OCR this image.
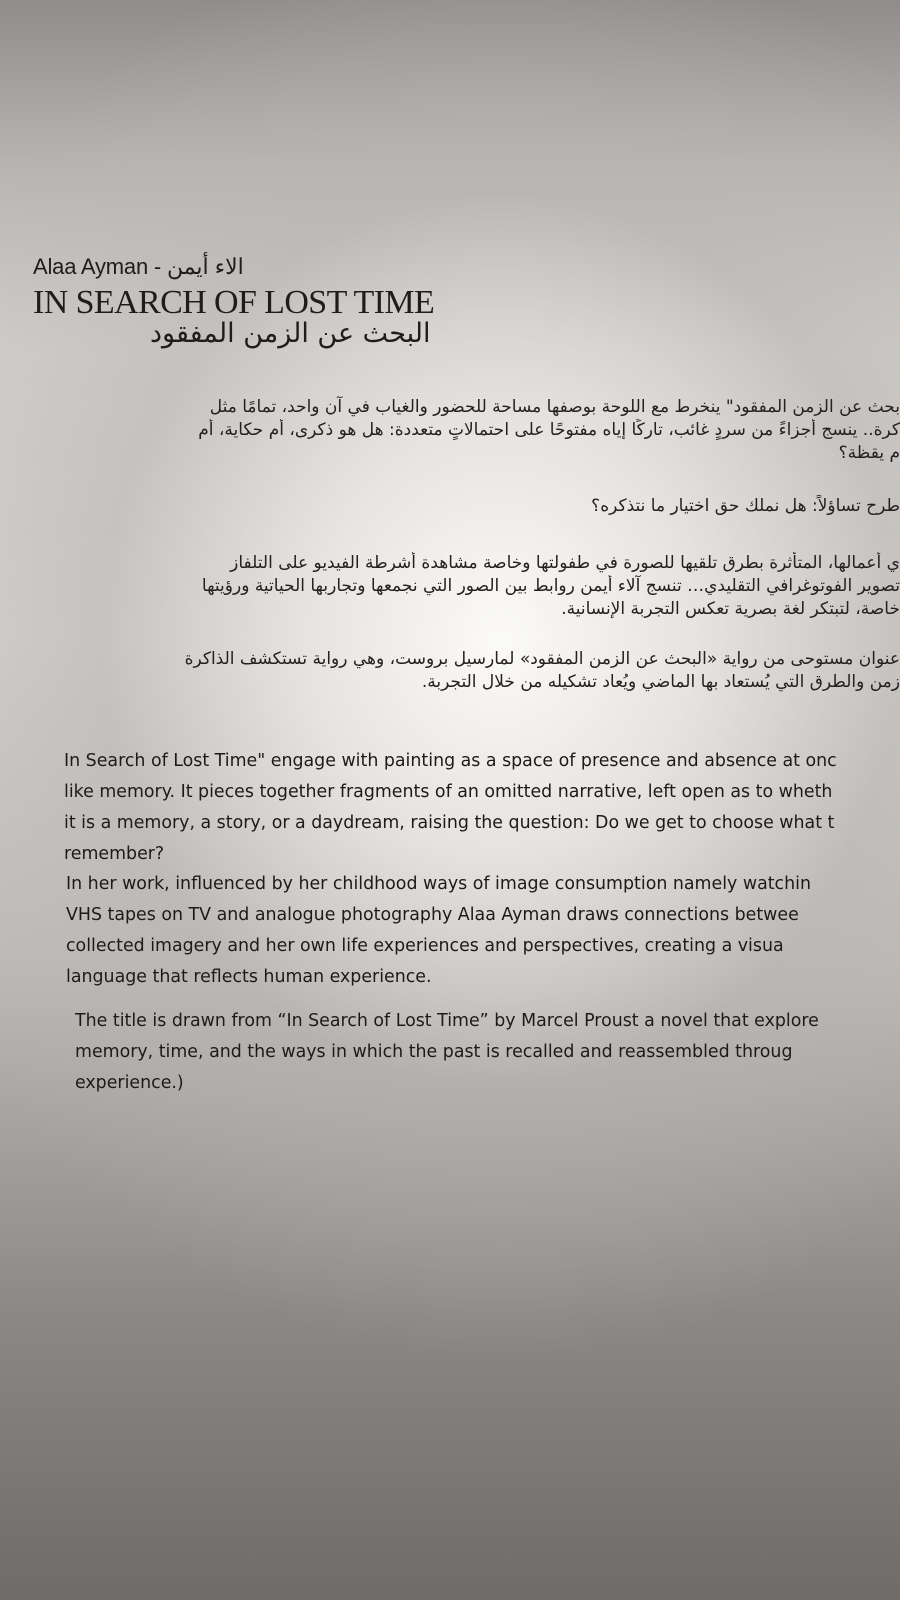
Alaa Ayman - الاء أيمن
IN SEARCH OF LOST TIME
البحث عن الزمن المفقود
بحث عن الزمن المفقود" ينخرط مع اللوحة بوصفها مساحة للحضور والغياب في آن واحد، تمامًا مثل
كرة.. ينسج أجزاءً من سردٍ غائب، تاركًا إياه مفتوحًا على احتمالاتٍ متعددة: هل هو ذكرى، أم حكاية، أم
م يقظة؟
طرح تساؤلاً: هل نملك حق اختيار ما نتذكره؟
ي أعمالها، المتأثرة بطرق تلقيها للصورة في طفولتها وخاصة مشاهدة أشرطة الفيديو على التلفاز
تصوير الفوتوغرافي التقليدي… تنسج آلاء أيمن روابط بين الصور التي نجمعها وتجاربها الحياتية ورؤيتها
خاصة، لتبتكر لغة بصرية تعكس التجربة الإنسانية.
عنوان مستوحى من رواية «البحث عن الزمن المفقود» لمارسيل بروست، وهي رواية تستكشف الذاكرة
زمن والطرق التي يُستعاد بها الماضي ويُعاد تشكيله من خلال التجربة.
In Search of Lost Time" engage with painting as a space of presence and absence at onc
like memory. It pieces together fragments of an omitted narrative, left open as to wheth
it is a memory, a story, or a daydream, raising the question: Do we get to choose what t
remember?
In her work, influenced by her childhood ways of image consumption namely watchin
VHS tapes on TV and analogue photography Alaa Ayman draws connections betwee
collected imagery and her own life experiences and perspectives, creating a visua
language that reflects human experience.
The title is drawn from “In Search of Lost Time” by Marcel Proust a novel that explore
memory, time, and the ways in which the past is recalled and reassembled throug
experience.)
